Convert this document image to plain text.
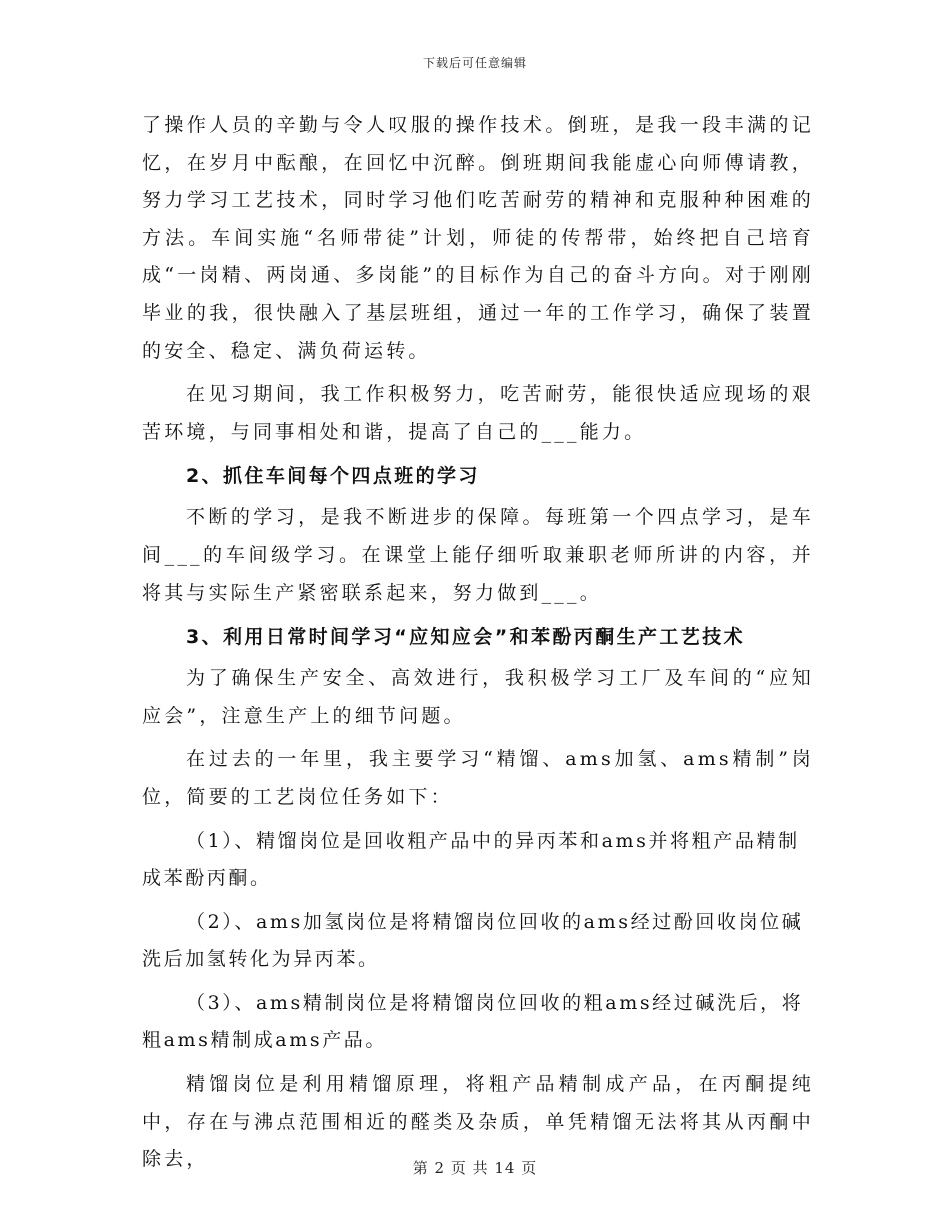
下载后可任意编辑

了操作人员的辛勤与令人叹服的操作技术。倒班，是我一段丰满的记忆，在岁月中酝酿，在回忆中沉醉。倒班期间我能虚心向师傅请教，努力学习工艺技术，同时学习他们吃苦耐劳的精神和克服种种困难的方法。车间实施“名师带徒”计划，师徒的传帮带，始终把自己培育成“一岗精、两岗通、多岗能”的目标作为自己的奋斗方向。对于刚刚毕业的我，很快融入了基层班组，通过一年的工作学习，确保了装置的安全、稳定、满负荷运转。

在见习期间，我工作积极努力，吃苦耐劳，能很快适应现场的艰苦环境，与同事相处和谐，提高了自己的___能力。

2、抓住车间每个四点班的学习

不断的学习，是我不断进步的保障。每班第一个四点学习，是车间___的车间级学习。在课堂上能仔细听取兼职老师所讲的内容，并将其与实际生产紧密联系起来，努力做到___。

3、利用日常时间学习“应知应会”和苯酚丙酮生产工艺技术

为了确保生产安全、高效进行，我积极学习工厂及车间的“应知应会”，注意生产上的细节问题。

在过去的一年里，我主要学习“精馏、ams加氢、ams精制”岗位，简要的工艺岗位任务如下：

（1）、精馏岗位是回收粗产品中的异丙苯和ams并将粗产品精制成苯酚丙酮。

（2）、ams加氢岗位是将精馏岗位回收的ams经过酚回收岗位碱洗后加氢转化为异丙苯。

（3）、ams精制岗位是将精馏岗位回收的粗ams经过碱洗后，将粗ams精制成ams产品。

精馏岗位是利用精馏原理，将粗产品精制成产品，在丙酮提纯中，存在与沸点范围相近的醛类及杂质，单凭精馏无法将其从丙酮中除去，	第 2 页 共 14 页
